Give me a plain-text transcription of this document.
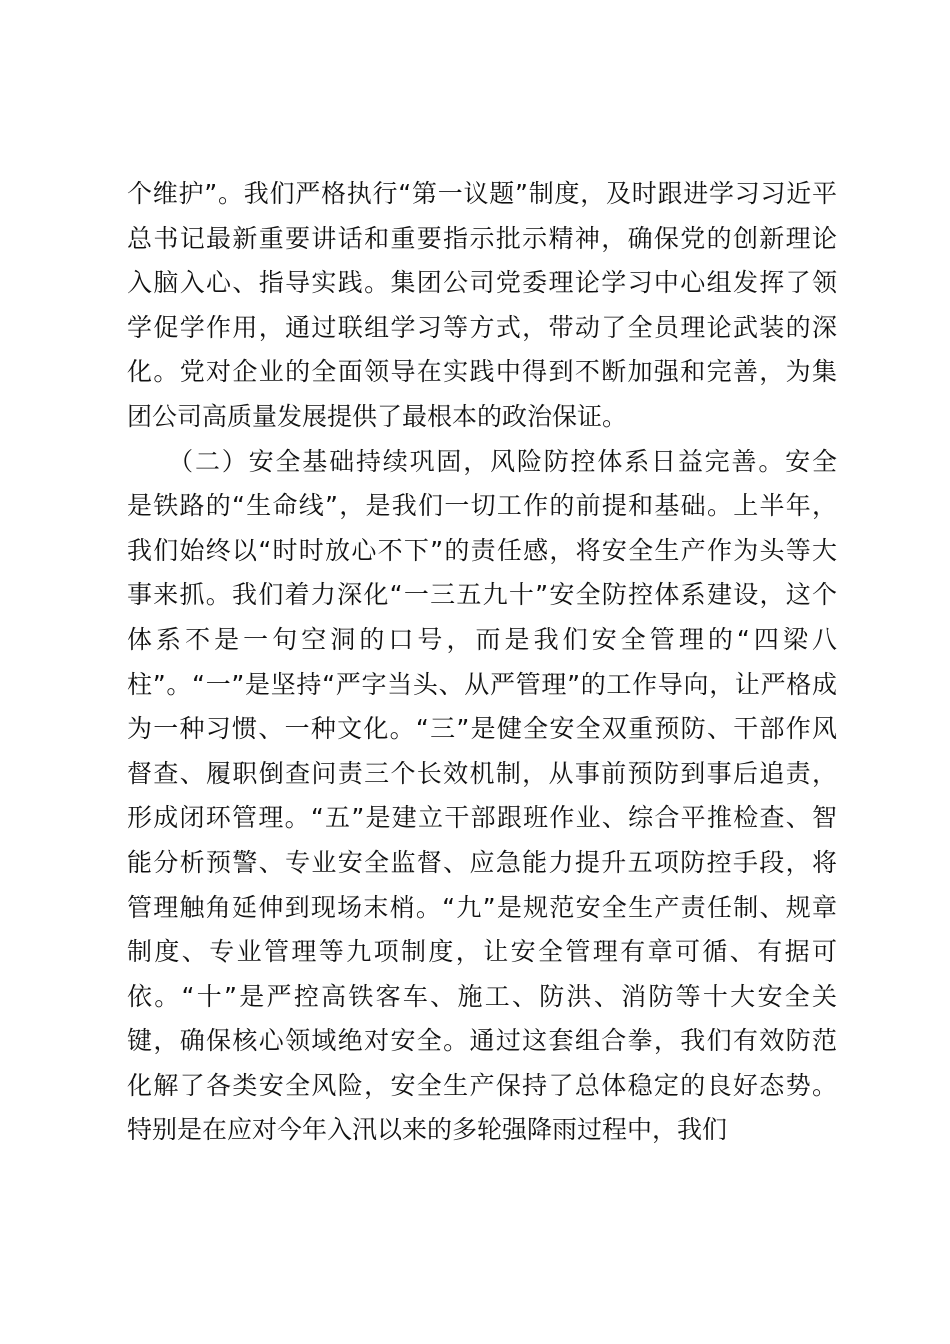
个维护”。我们严格执行“第一议题”制度，及时跟进学习习近平
总书记最新重要讲话和重要指示批示精神，确保党的创新理论
入脑入心、指导实践。集团公司党委理论学习中心组发挥了领
学促学作用，通过联组学习等方式，带动了全员理论武装的深
化。党对企业的全面领导在实践中得到不断加强和完善，为集
团公司高质量发展提供了最根本的政治保证。
　　（二）安全基础持续巩固，风险防控体系日益完善。安全
是铁路的“生命线”，是我们一切工作的前提和基础。上半年，
我们始终以“时时放心不下”的责任感，将安全生产作为头等大
事来抓。我们着力深化“一三五九十”安全防控体系建设，这个
体系不是一句空洞的口号，而是我们安全管理的“四梁八
柱”。“一”是坚持“严字当头、从严管理”的工作导向，让严格成
为一种习惯、一种文化。“三”是健全安全双重预防、干部作风
督查、履职倒查问责三个长效机制，从事前预防到事后追责，
形成闭环管理。“五”是建立干部跟班作业、综合平推检查、智
能分析预警、专业安全监督、应急能力提升五项防控手段，将
管理触角延伸到现场末梢。“九”是规范安全生产责任制、规章
制度、专业管理等九项制度，让安全管理有章可循、有据可
依。“十”是严控高铁客车、施工、防洪、消防等十大安全关
键，确保核心领域绝对安全。通过这套组合拳，我们有效防范
化解了各类安全风险，安全生产保持了总体稳定的良好态势。
特别是在应对今年入汛以来的多轮强降雨过程中，我们
